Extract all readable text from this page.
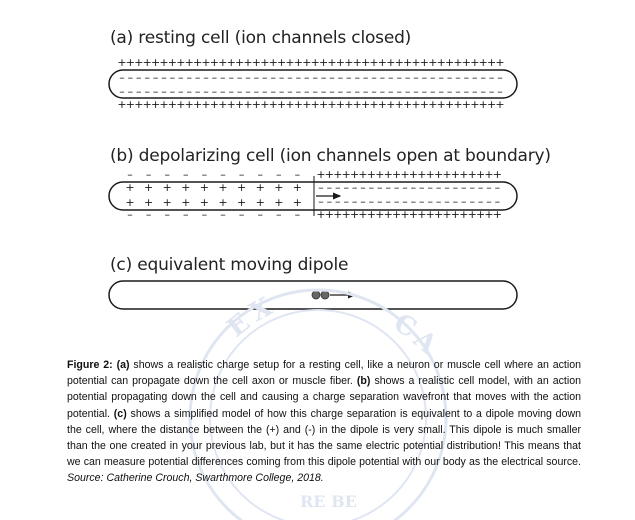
(a) resting cell (ion channels closed)
(b) depolarizing cell (ion channels open at boundary)
(c) equivalent moving dipole
+ + + + + + + + + + + + + + + + + + + + + + + + + + + + + + + + + + + + + + + + + + + + + +
– – – – – – – – – – – – – – – – – – – – – – – – – – – – – – – – – – – – – – – – – – – – – –
– – – – – – – – – – – – – – – – – – – – – – – – – – – – – – – – – – – – – – – – – – – – – –
+ + + + + + + + + + + + + + + + + + + + + + + + + + + + + + + + + + + + + + + + + + + + + +
– – – – – – – – – –
+ + + + + + + + + +
+ + + + + + + + + +
– – – – – – – – – –
+ + + + + + + + + + + + + + + + + + + + + +
– – – – – – – – – – – – – – – – – – – – – –
– – – – – – – – – – – – – – – – – – – – – –
+ + + + + + + + + + + + + + + + + + + + + +
E
X	C
A
RE BE

Figure 2: (a) shows a realistic charge setup for a resting cell, like a neuron or muscle cell where an action potential can propagate down the cell axon or muscle fiber. (b) shows a realistic cell model, with an action potential propagating down the cell and causing a charge separation wavefront that moves with the action potential. (c) shows a simplified model of how this charge separation is equivalent to a dipole moving down the cell, where the distance between the (+) and (-) in the dipole is very small. This dipole is much smaller than the one created in your previous lab, but it has the same electric potential distribution! This means that we can measure potential differences coming from this dipole potential with our body as the electrical source. Source: Catherine Crouch, Swarthmore College, 2018.
